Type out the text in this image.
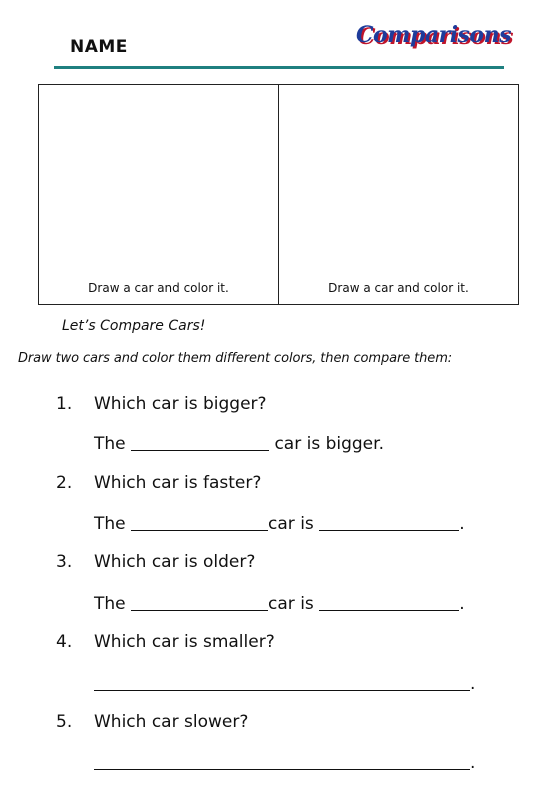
NAME	Comparisons
Draw a car and color it.	Draw a car and color it.
Let’s Compare Cars!
Draw two cars and color them different colors, then compare them:
1. Which car is bigger?
The	car is bigger.
2. Which car is faster?
The	car is	.
3. Which car is older?
The	car is	.
4. Which car is smaller?
.
5. Which car slower?
.
